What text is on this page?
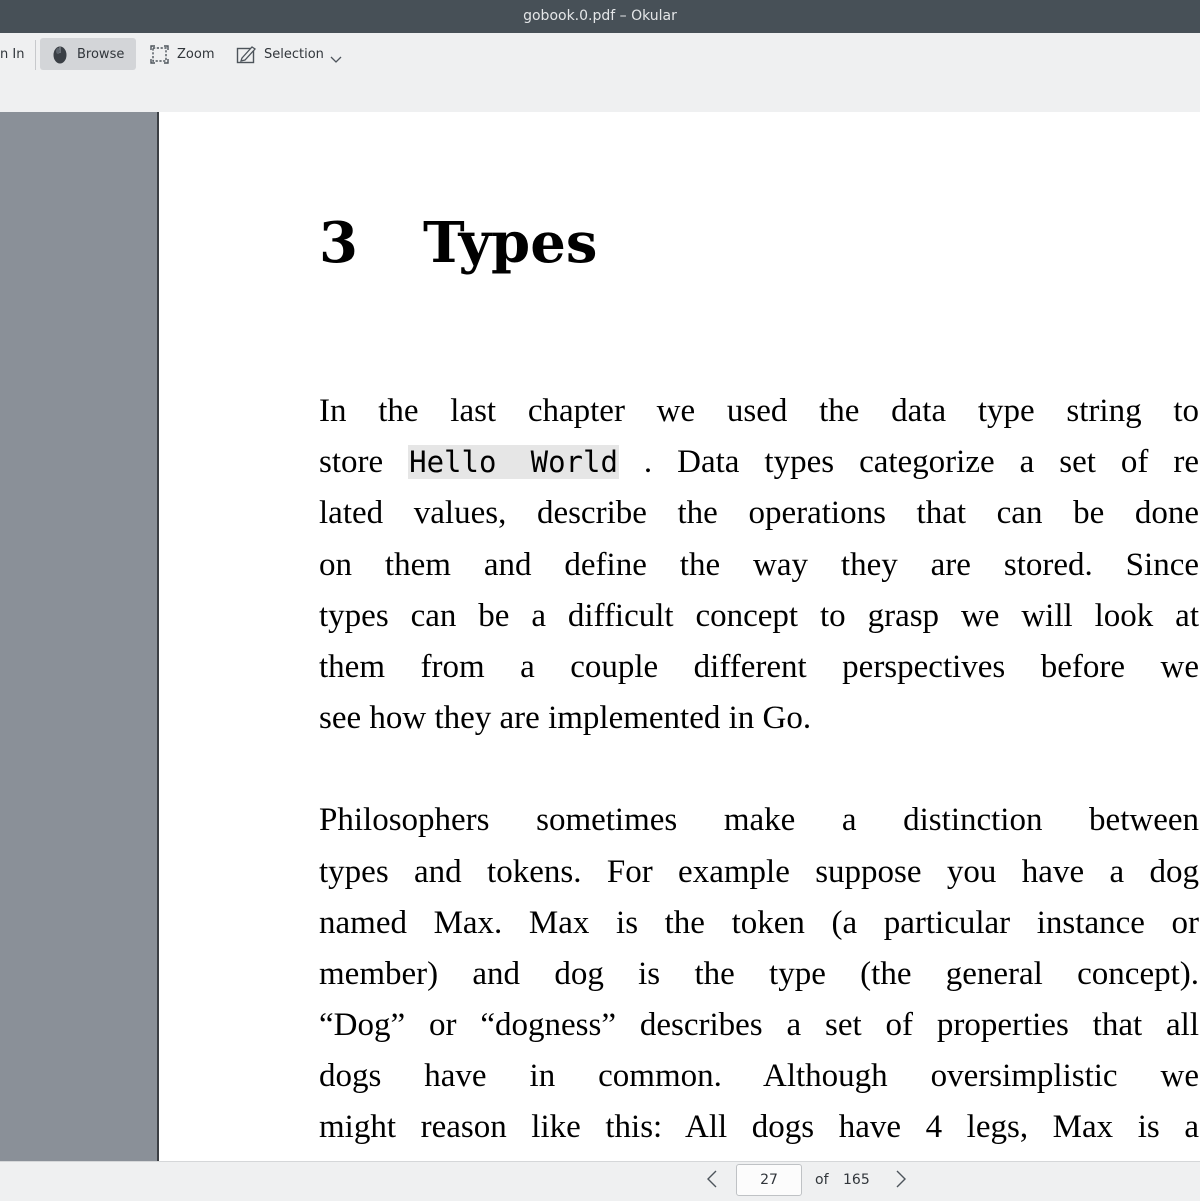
gobook.0.pdf – Okular
n In	Browse	Zoom	Selection
3 Types
In the last chapter we used the data type string to
store Hello World . Data types categorize a set of re
lated values, describe the operations that can be done
on them and define the way they are stored. Since
types can be a difficult concept to grasp we will look at
them from a couple different perspectives before we
see how they are implemented in Go.
Philosophers sometimes make a distinction between
types and tokens. For example suppose you have a dog
named Max. Max is the token (a particular instance or
member) and dog is the type (the general concept).
“Dog” or “dogness” describes a set of properties that all
dogs have in common. Although oversimplistic we
might reason like this: All dogs have 4 legs, Max is a
27
of 165
